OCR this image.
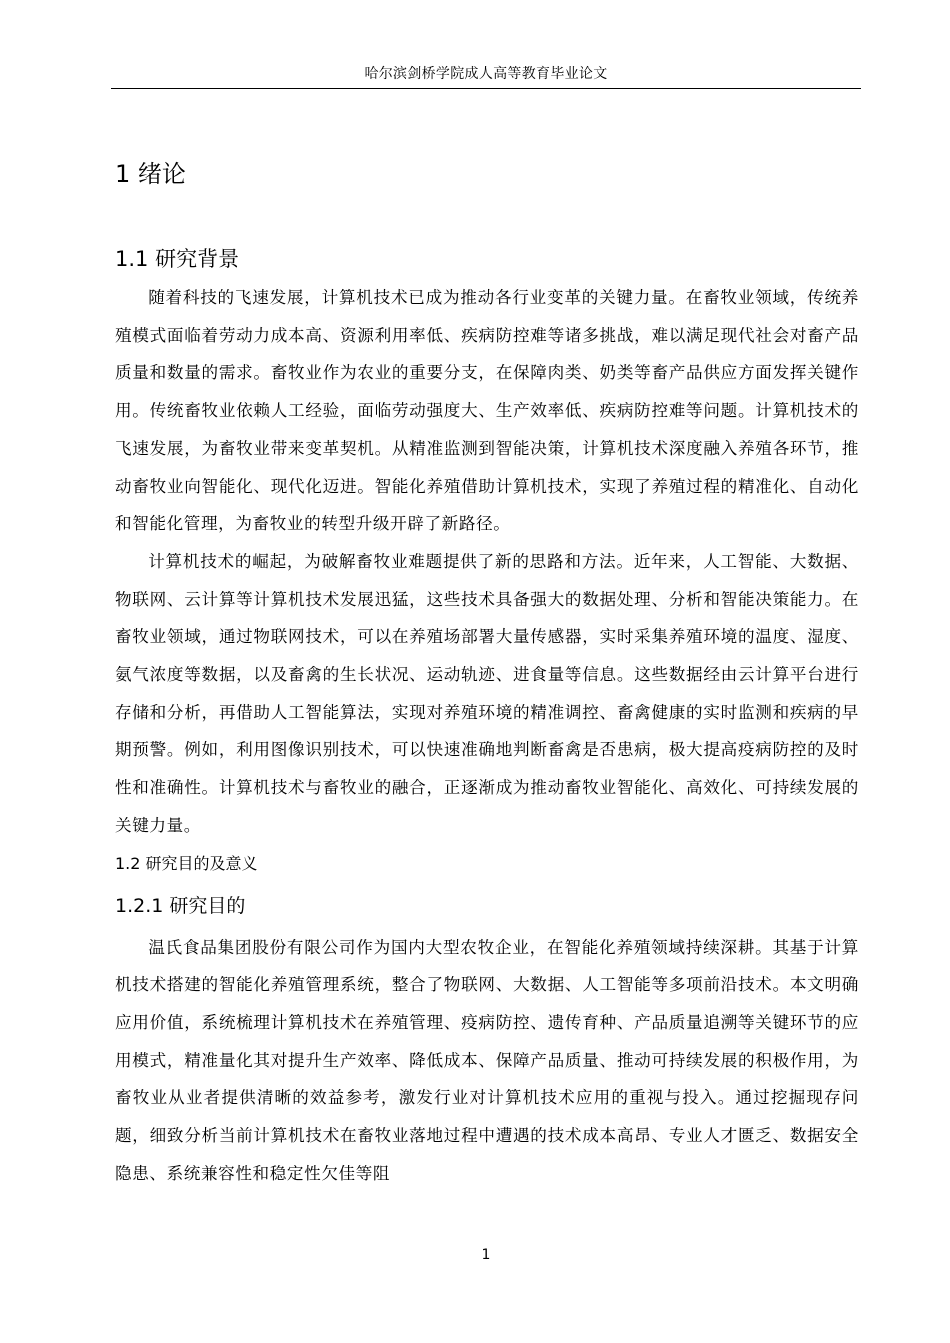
哈尔滨剑桥学院成人高等教育毕业论文
1 绪论
1.1 研究背景

随着科技的飞速发展，计算机技术已成为推动各行业变革的关键力量。在畜牧业领域，传统养殖模式面临着劳动力成本高、资源利用率低、疾病防控难等诸多挑战，难以满足现代社会对畜产品质量和数量的需求。畜牧业作为农业的重要分支，在保障肉类、奶类等畜产品供应方面发挥关键作用。传统畜牧业依赖人工经验，面临劳动强度大、生产效率低、疾病防控难等问题。计算机技术的飞速发展，为畜牧业带来变革契机。从精准监测到智能决策，计算机技术深度融入养殖各环节，推动畜牧业向智能化、现代化迈进。智能化养殖借助计算机技术，实现了养殖过程的精准化、自动化和智能化管理，为畜牧业的转型升级开辟了新路径。

计算机技术的崛起，为破解畜牧业难题提供了新的思路和方法。近年来，人工智能、大数据、物联网、云计算等计算机技术发展迅猛，这些技术具备强大的数据处理、分析和智能决策能力。在畜牧业领域，通过物联网技术，可以在养殖场部署大量传感器，实时采集养殖环境的温度、湿度、氨气浓度等数据，以及畜禽的生长状况、运动轨迹、进食量等信息。这些数据经由云计算平台进行存储和分析，再借助人工智能算法，实现对养殖环境的精准调控、畜禽健康的实时监测和疾病的早期预警。例如，利用图像识别技术，可以快速准确地判断畜禽是否患病，极大提高疫病防控的及时性和准确性。计算机技术与畜牧业的融合，正逐渐成为推动畜牧业智能化、高效化、可持续发展的关键力量。

1.2 研究目的及意义
1.2.1 研究目的

温氏食品集团股份有限公司作为国内大型农牧企业，在智能化养殖领域持续深耕。其基于计算机技术搭建的智能化养殖管理系统，整合了物联网、大数据、人工智能等多项前沿技术。本文明确应用价值，系统梳理计算机技术在养殖管理、疫病防控、遗传育种、产品质量追溯等关键环节的应用模式，精准量化其对提升生产效率、降低成本、保障产品质量、推动可持续发展的积极作用，为畜牧业从业者提供清晰的效益参考，激发行业对计算机技术应用的重视与投入。通过挖掘现存问题，细致分析当前计算机技术在畜牧业落地过程中遭遇的技术成本高昂、专业人才匮乏、数据安全隐患、系统兼容性和稳定性欠佳等阻

1
